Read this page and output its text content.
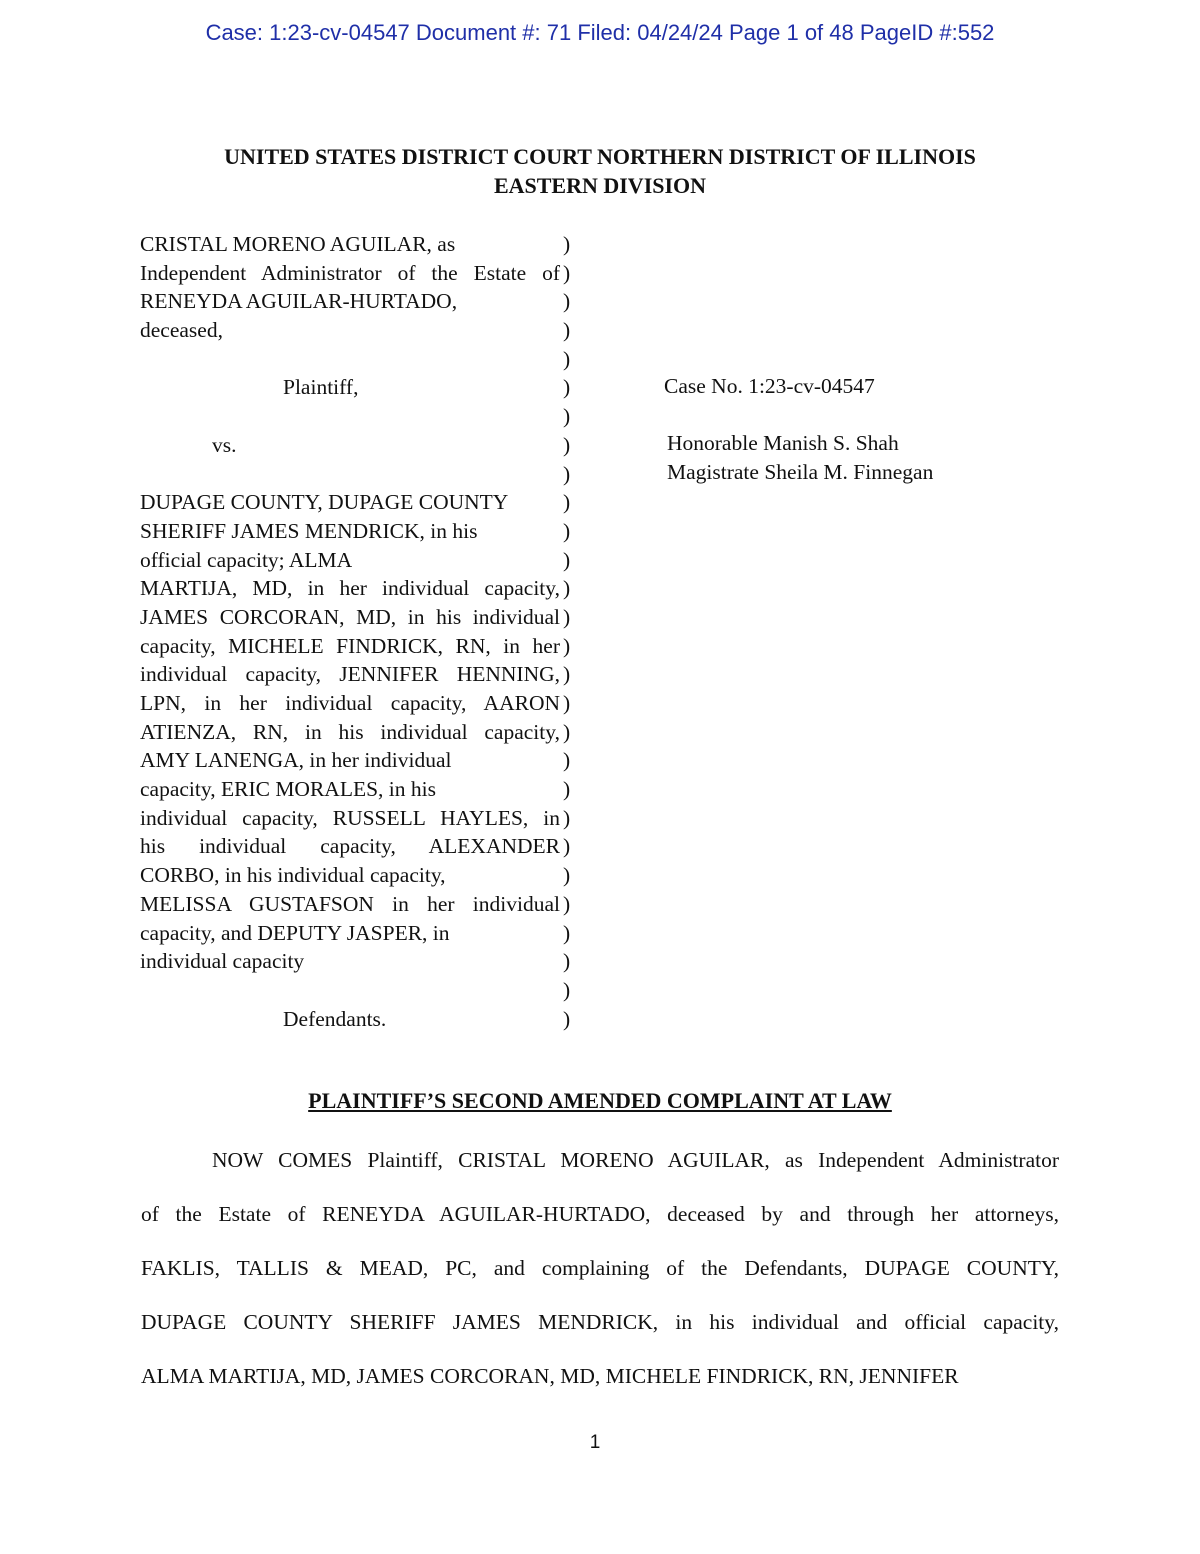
Case: 1:23-cv-04547 Document #: 71 Filed: 04/24/24 Page 1 of 48 PageID #:552
UNITED STATES DISTRICT COURT NORTHERN DISTRICT OF ILLINOIS
EASTERN DIVISION
CRISTAL MORENO AGUILAR, as
Independent Administrator of the Estate of
RENEYDA AGUILAR-HURTADO,
deceased,
Plaintiff,
vs.
DUPAGE COUNTY, DUPAGE COUNTY
SHERIFF JAMES MENDRICK, in his
official capacity; ALMA
MARTIJA, MD, in her individual capacity,
JAMES CORCORAN, MD, in his individual
capacity, MICHELE FINDRICK, RN, in her
individual capacity, JENNIFER HENNING,
LPN, in her individual capacity, AARON
ATIENZA, RN, in his individual capacity,
AMY LANENGA, in her individual
capacity, ERIC MORALES, in his
individual capacity, RUSSELL HAYLES, in
his individual capacity, ALEXANDER
CORBO, in his individual capacity,
MELISSA GUSTAFSON in her individual
capacity, and DEPUTY JASPER, in
individual capacity
Defendants.
)
)
)
)
)
)
)
)
)
)
)
)
)
)
)
)
)
)
)
)
)
)
)
)
)
)
)
)
Case No. 1:23-cv-04547
Honorable Manish S. Shah
Magistrate Sheila M. Finnegan
PLAINTIFF’S SECOND AMENDED COMPLAINT AT LAW
NOW COMES Plaintiff, CRISTAL MORENO AGUILAR, as Independent Administrator
of the Estate of RENEYDA AGUILAR-HURTADO, deceased by and through her attorneys,
FAKLIS, TALLIS & MEAD, PC, and complaining of the Defendants, DUPAGE COUNTY,
DUPAGE COUNTY SHERIFF JAMES MENDRICK, in his individual and official capacity,
ALMA MARTIJA, MD, JAMES CORCORAN, MD, MICHELE FINDRICK, RN, JENNIFER
1
